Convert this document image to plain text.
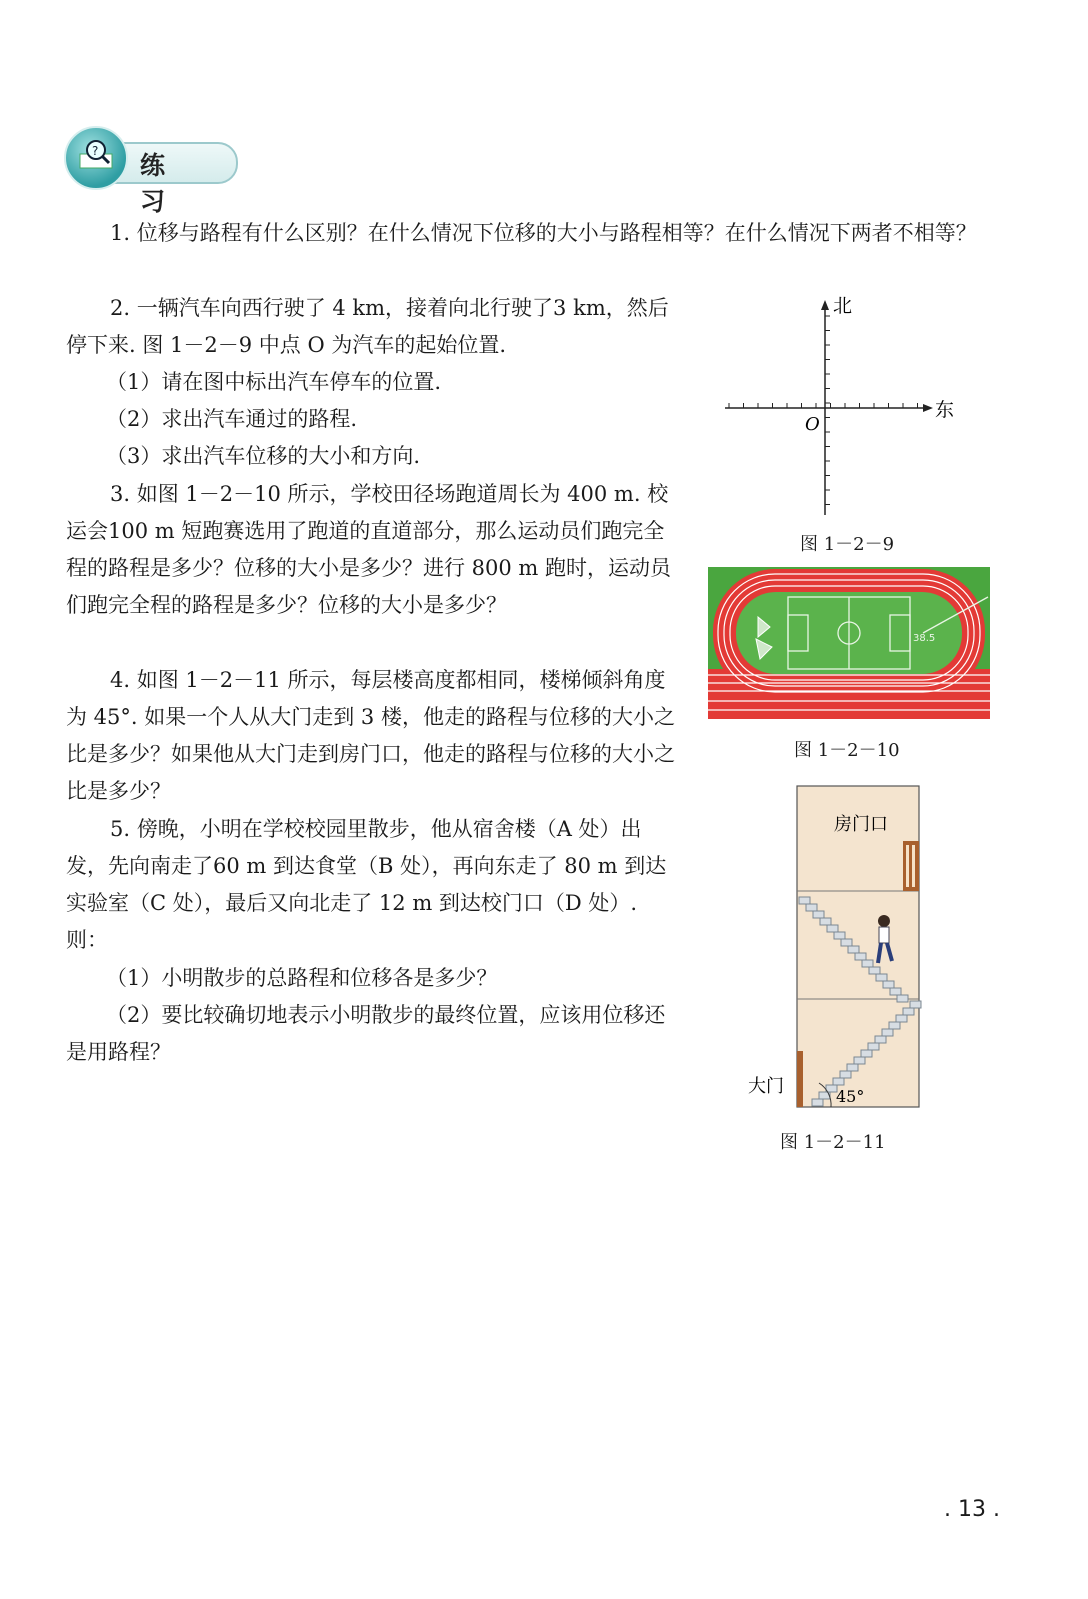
? 练 习

1. 位移与路程有什么区别？在什么情况下位移的大小与路程相等？在什么情况下两者不相等？

2. 一辆汽车向西行驶了 4 km，接着向北行驶了3 km，然后停下来. 图 1－2－9 中点 O 为汽车的起始位置.

（1）请在图中标出汽车停车的位置.

（2）求出汽车通过的路程.

（3）求出汽车位移的大小和方向.

3. 如图 1－2－10 所示，学校田径场跑道周长为 400 m. 校运会100 m 短跑赛选用了跑道的直道部分，那么运动员们跑完全程的路程是多少？位移的大小是多少？进行 800 m 跑时，运动员们跑完全程的路程是多少？位移的大小是多少？

4. 如图 1－2－11 所示，每层楼高度都相同，楼梯倾斜角度为 45°. 如果一个人从大门走到 3 楼，他走的路程与位移的大小之比是多少？如果他从大门走到房门口，他走的路程与位移的大小之比是多少？

5. 傍晚，小明在学校校园里散步，他从宿舍楼（A 处）出发，先向南走了60 m 到达食堂（B 处），再向东走了 80 m 到达实验室（C 处），最后又向北走了 12 m 到达校门口（D 处）. 则：

（1）小明散步的总路程和位移各是多少？

（2）要比较确切地表示小明散步的最终位置，应该用位移还是用路程？

北
东
O
图 1－2－9
38.5
图 1－2－10
房门口
大门	45°
图 1－2－11
. 13 .
